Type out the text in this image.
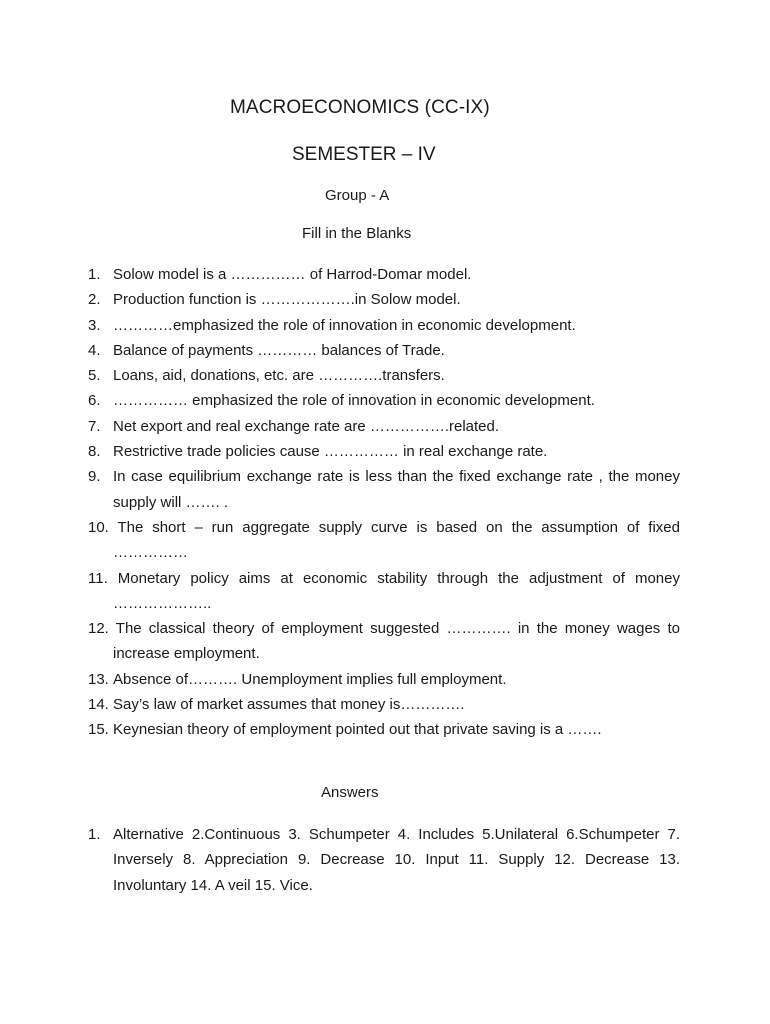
MACROECONOMICS (CC-IX)
SEMESTER – IV
Group - A
Fill in the Blanks
1. Solow model is a …………… of Harrod-Domar model.
2. Production function is ……………….in Solow model.
3. …………emphasized the role of innovation in economic development.
4. Balance of payments ………… balances of Trade.
5. Loans, aid, donations, etc. are ………….transfers.
6. …………… emphasized the role of innovation in economic development.
7. Net export and real exchange rate are …………….related.
8. Restrictive trade policies cause …………… in real exchange rate.
9. In case equilibrium exchange rate is less than the fixed exchange rate , the money supply will ……. .
10. The short – run aggregate supply curve is based on the assumption of fixed ……………
11. Monetary policy aims at economic stability through the adjustment of money ………………..
12. The classical theory of employment suggested …………. in the money wages to increase employment.
13. Absence of………. Unemployment implies full employment.
14. Say’s law of market assumes that money is………….
15. Keynesian theory of employment pointed out that private saving is a …….
Answers
1. Alternative 2.Continuous 3. Schumpeter 4. Includes 5.Unilateral 6.Schumpeter 7. Inversely 8. Appreciation 9. Decrease 10. Input 11. Supply 12. Decrease 13. Involuntary 14. A veil 15. Vice.
